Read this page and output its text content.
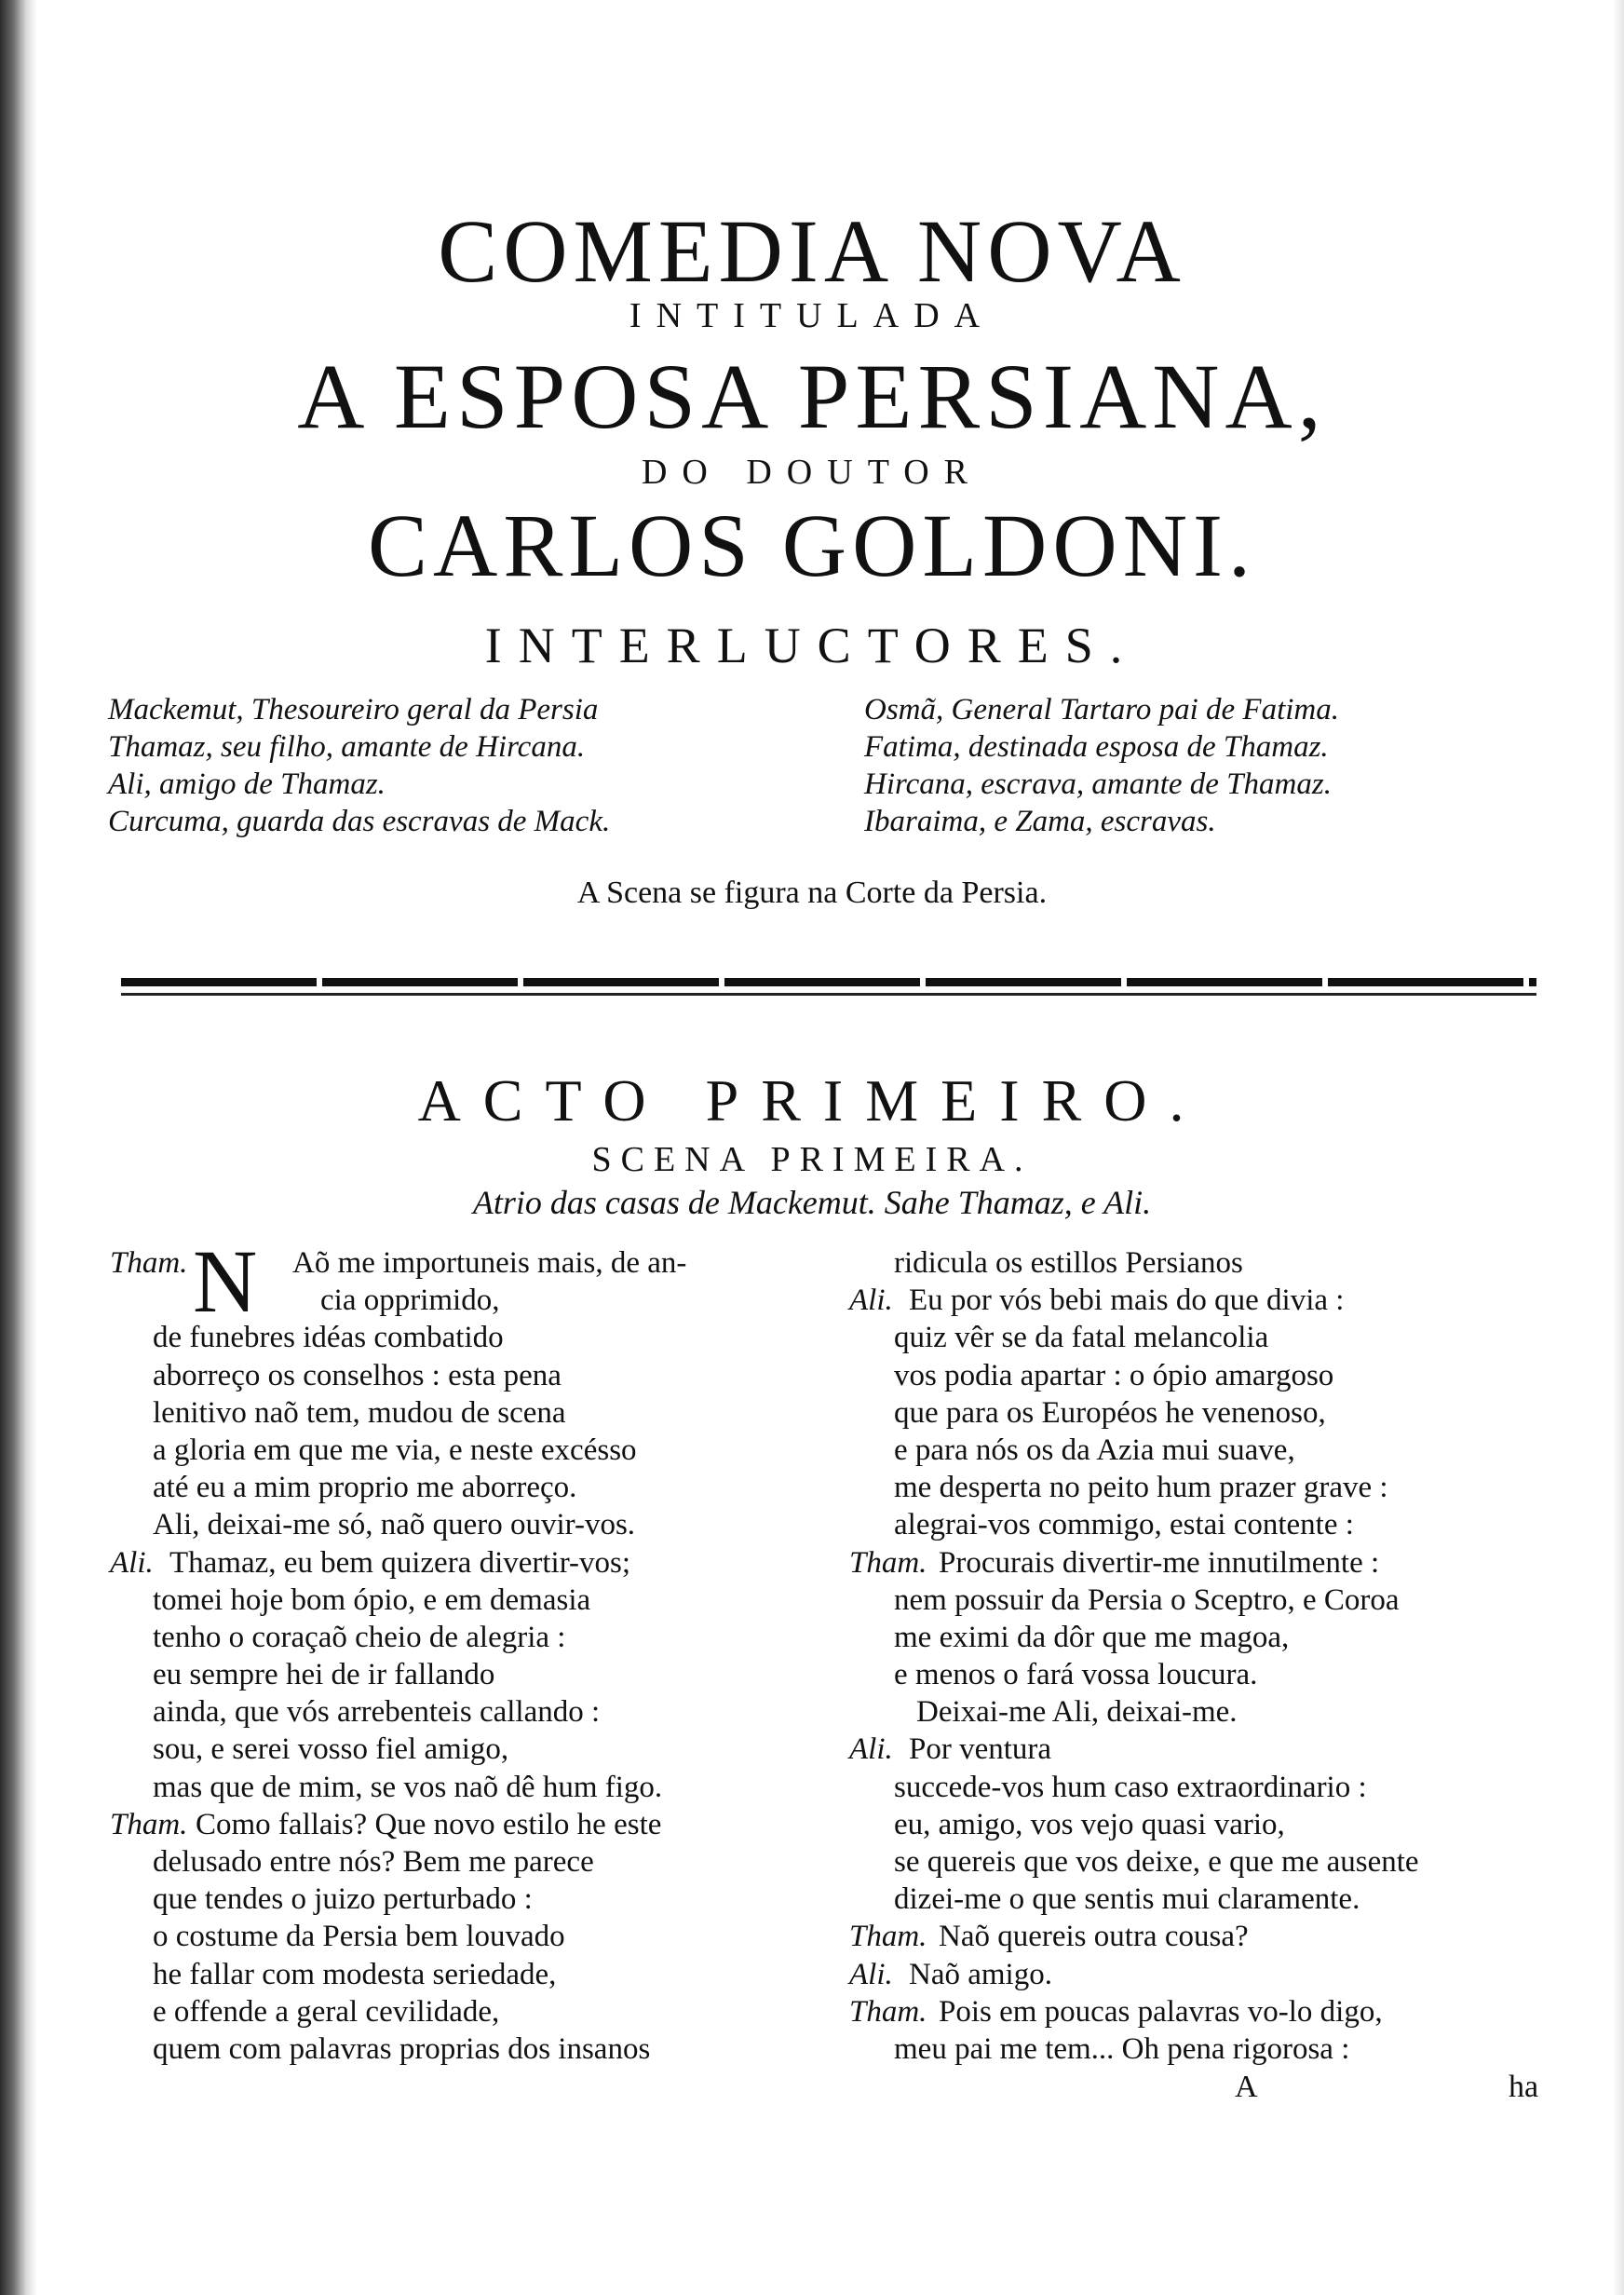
COMEDIA NOVA
INTITULADA
A ESPOSA PERSIANA,
DO DOUTOR
CARLOS GOLDONI.
INTERLUCTORES.
Mackemut, Thesoureiro geral da Persia
Thamaz, seu filho, amante de Hircana.
Ali, amigo de Thamaz.
Curcuma, guarda das escravas de Mack.
Osmã, General Tartaro pai de Fatima.
Fatima, destinada esposa de Thamaz.
Hircana, escrava, amante de Thamaz.
Ibaraima, e Zama, escravas.
A Scena se figura na Corte da Persia.
ACTO PRIMEIRO.
SCENA PRIMEIRA.
Atrio das casas de Mackemut. Sahe Thamaz, e Ali.
N
Tham.	Aõ me importuneis mais, de an-
cia opprimido,
de funebres idéas combatido
aborreço os conselhos : esta pena
lenitivo naõ tem, mudou de scena
a gloria em que me via, e neste excésso
até eu a mim proprio me aborreço.
Ali, deixai-me só, naõ quero ouvir-vos.
Ali. Thamaz, eu bem quizera divertir-vos;
tomei hoje bom ópio, e em demasia
tenho o coraçaõ cheio de alegria :
eu sempre hei de ir fallando
ainda, que vós arrebenteis callando :
sou, e serei vosso fiel amigo,
mas que de mim, se vos naõ dê hum figo.
Tham. Como fallais? Que novo estilo he este
delusado entre nós? Bem me parece
que tendes o juizo perturbado :
o costume da Persia bem louvado
he fallar com modesta seriedade,
e offende a geral cevilidade,
quem com palavras proprias dos insanos
ridicula os estillos Persianos
Ali. Eu por vós bebi mais do que divia :
quiz vêr se da fatal melancolia
vos podia apartar : o ópio amargoso
que para os Européos he venenoso,
e para nós os da Azia mui suave,
me desperta no peito hum prazer grave :
alegrai-vos commigo, estai contente :
Tham. Procurais divertir-me innutilmente :
nem possuir da Persia o Sceptro, e Coroa
me eximi da dôr que me magoa,
e menos o fará vossa loucura.
Deixai-me Ali, deixai-me.
Ali. Por ventura
succede-vos hum caso extraordinario :
eu, amigo, vos vejo quasi vario,
se quereis que vos deixe, e que me ausente
dizei-me o que sentis mui claramente.
Tham. Naõ quereis outra cousa?
Ali. Naõ amigo.
Tham. Pois em poucas palavras vo-lo digo,
meu pai me tem... Oh pena rigorosa :
A	ha
